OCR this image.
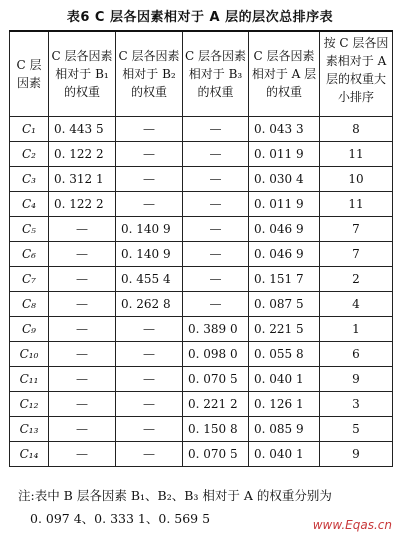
表6 C 层各因素相对于 A 层的层次总排序表
C 层因素	C 层各因素相对于 B₁ 的权重	C 层各因素相对于 B₂ 的权重	C 层各因素相对于 B₃ 的权重	C 层各因素相对于 A 层的权重	按 C 层各因素相对于 A 层的权重大小排序
C₁	0. 443 5	—	—	0. 043 3	8
C₂	0. 122 2	—	—	0. 011 9	11
C₃	0. 312 1	—	—	0. 030 4	10
C₄	0. 122 2	—	—	0. 011 9	11
C₅	—	0. 140 9	—	0. 046 9	7
C₆	—	0. 140 9	—	0. 046 9	7
C₇	—	0. 455 4	—	0. 151 7	2
C₈	—	0. 262 8	—	0. 087 5	4
C₉	—	—	0. 389 0	0. 221 5	1
C₁₀	—	—	0. 098 0	0. 055 8	6
C₁₁	—	—	0. 070 5	0. 040 1	9
C₁₂	—	—	0. 221 2	0. 126 1	3
C₁₃	—	—	0. 150 8	0. 085 9	5
C₁₄	—	—	0. 070 5	0. 040 1	9
注:表中 B 层各因素 B₁、B₂、B₃ 相对于 A 的权重分别为
0. 097 4、0. 333 1、0. 569 5	www.Eqas.cn
